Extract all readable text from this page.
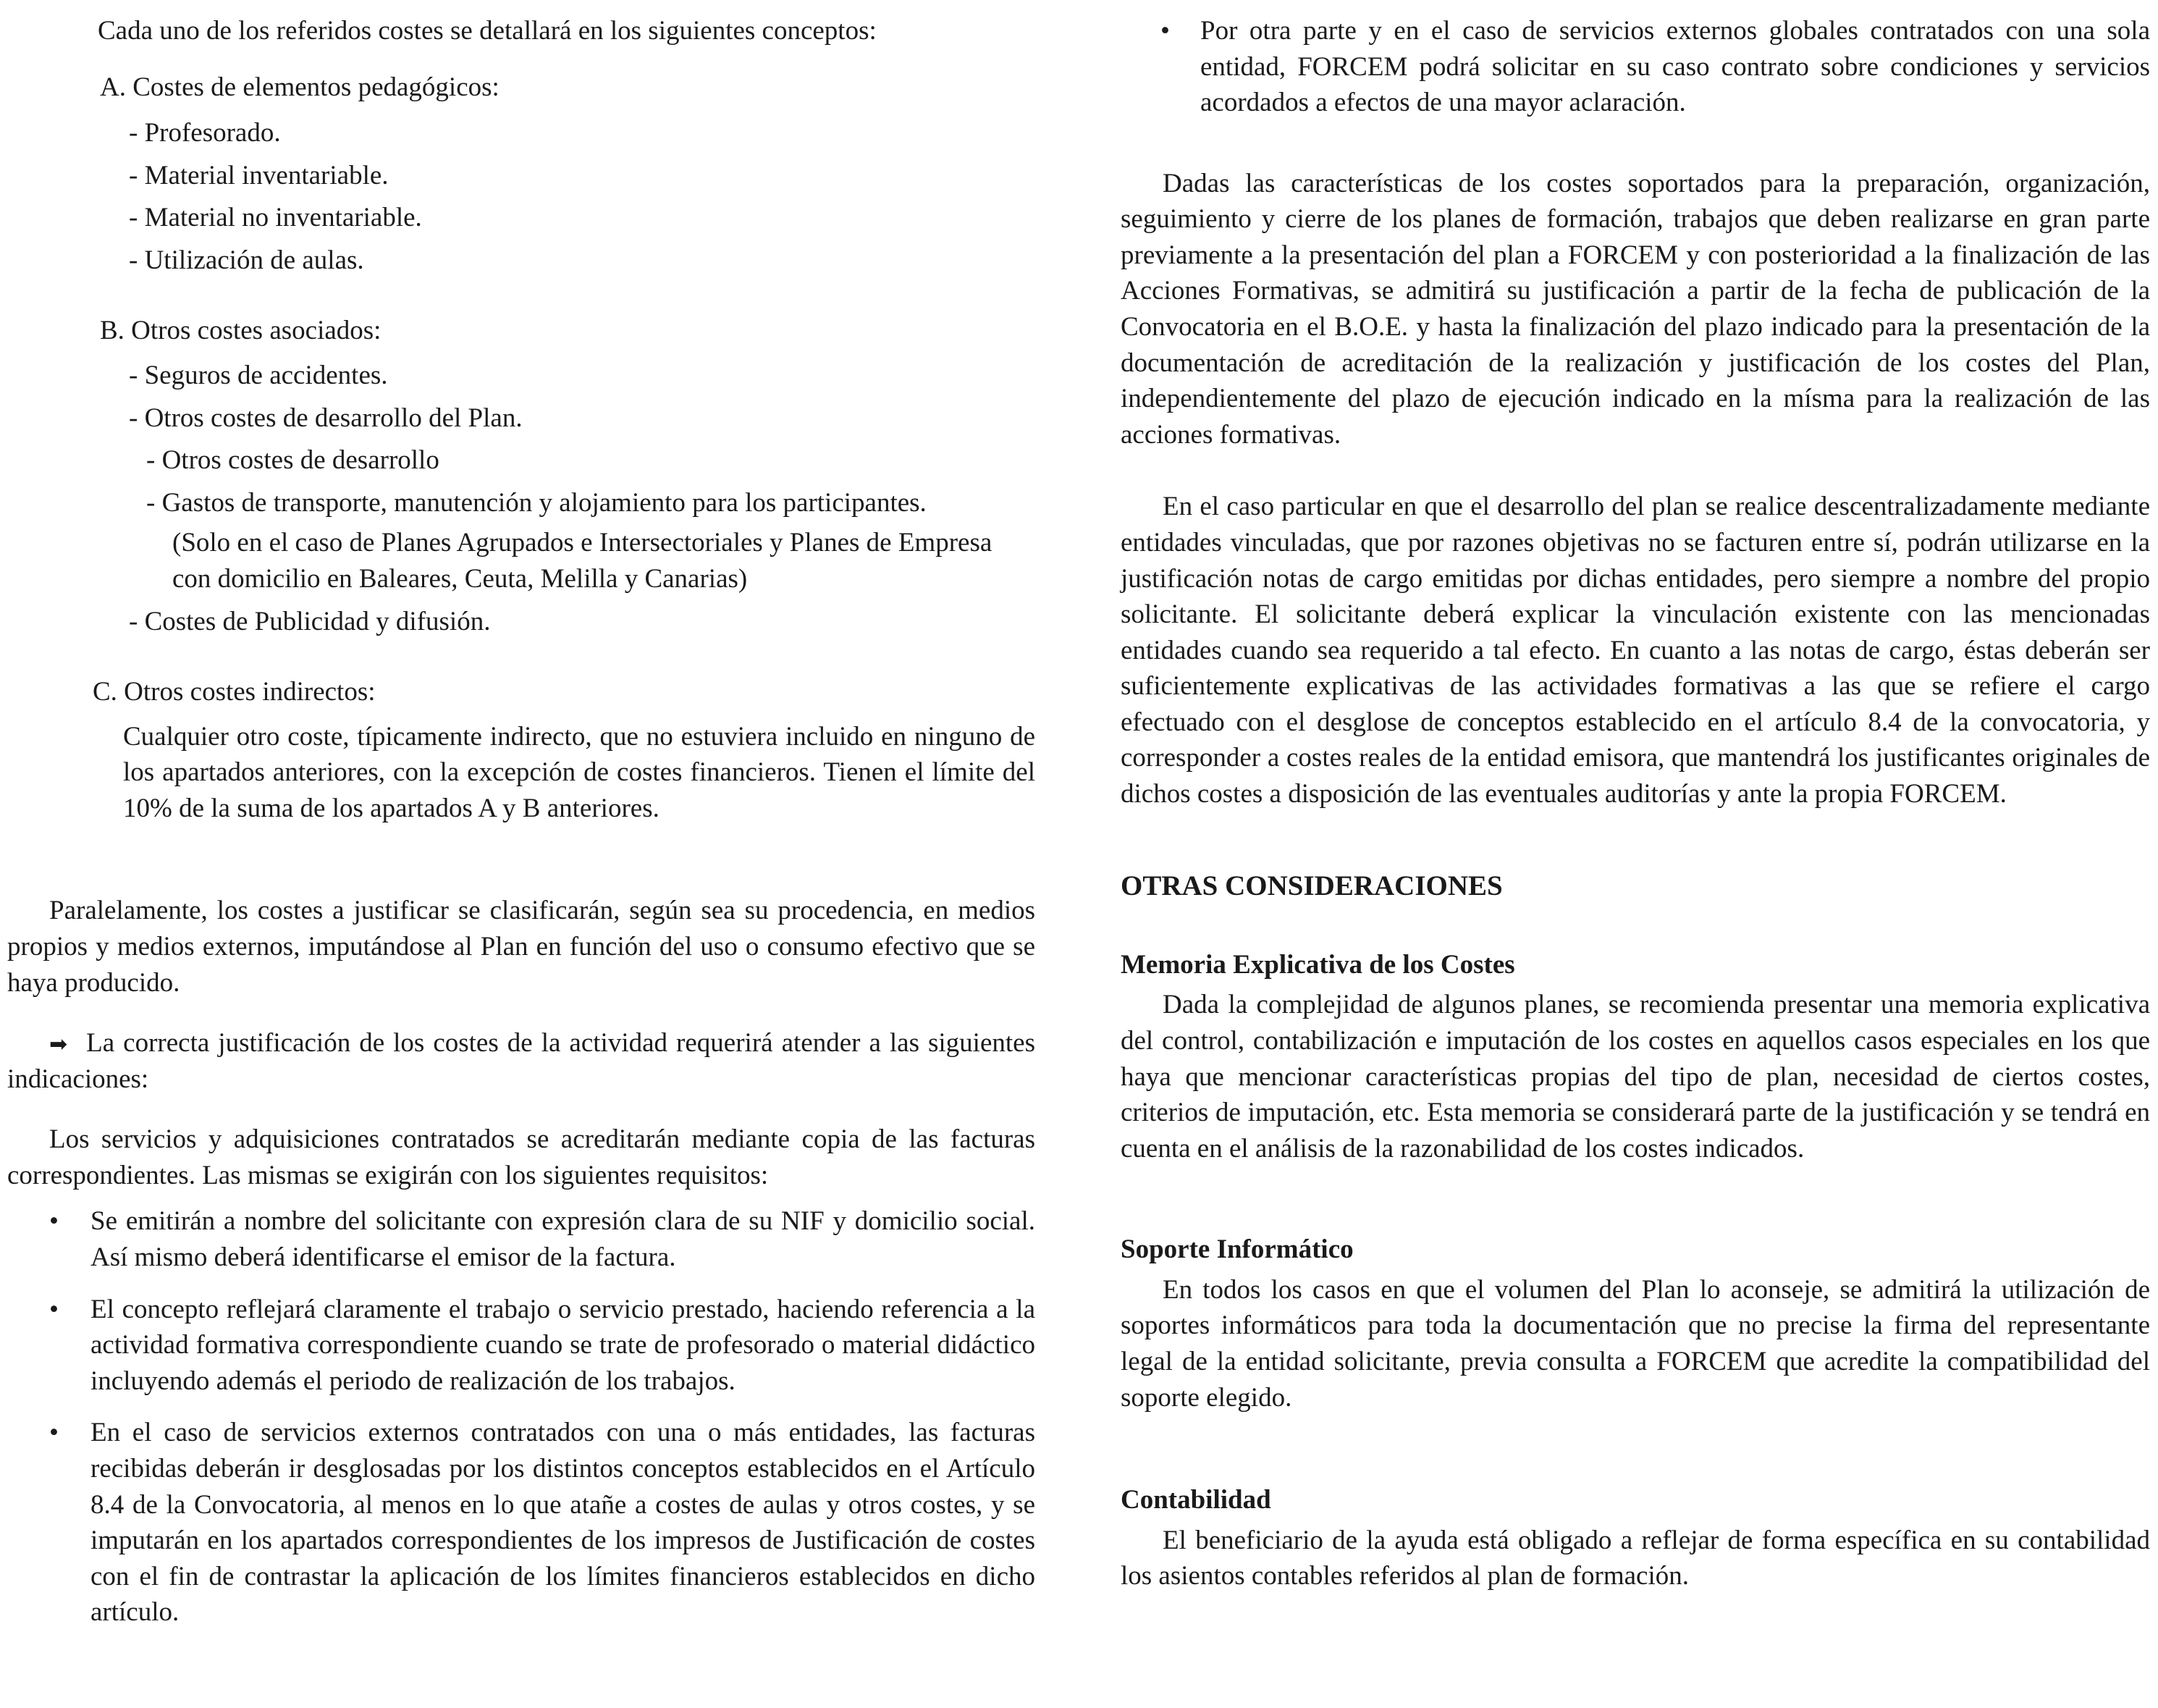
Cada uno de los referidos costes se detallará en los siguientes conceptos:

A. Costes de elementos pedagógicos:

- Profesorado.
- Material inventariable.
- Material no inventariable.
- Utilización de aulas.

B. Otros costes asociados:

- Seguros de accidentes.
- Otros costes de desarrollo del Plan.
- Otros costes de desarrollo
- Gastos de transporte, manutención y alojamiento para los participantes.
(Solo en el caso de Planes Agrupados e Intersectoriales y Planes de Empresa con domicilio en Baleares, Ceuta, Melilla y Canarias)
- Costes de Publicidad y difusión.

C. Otros costes indirectos:

Cualquier otro coste, típicamente indirecto, que no estuviera incluido en ninguno de los apartados anteriores, con la excepción de costes financieros. Tienen el límite del 10% de la suma de los apartados A y B anteriores.

Paralelamente, los costes a justificar se clasificarán, según sea su procedencia, en medios propios y medios externos, imputándose al Plan en función del uso o consumo efectivo que se haya producido.

➡ La correcta justificación de los costes de la actividad requerirá atender a las siguientes indicaciones:

Los servicios y adquisiciones contratados se acreditarán mediante copia de las facturas correspondientes. Las mismas se exigirán con los siguientes requisitos:

• Se emitirán a nombre del solicitante con expresión clara de su NIF y domicilio social. Así mismo deberá identificarse el emisor de la factura.
• El concepto reflejará claramente el trabajo o servicio prestado, haciendo referencia a la actividad formativa correspondiente cuando se trate de profesorado o material didáctico incluyendo además el periodo de realización de los trabajos.
• En el caso de servicios externos contratados con una o más entidades, las facturas recibidas deberán ir desglosadas por los distintos conceptos establecidos en el Artículo 8.4 de la Convocatoria, al menos en lo que atañe a costes de aulas y otros costes, y se imputarán en los apartados correspondientes de los impresos de Justificación de costes con el fin de contrastar la aplicación de los límites financieros establecidos en dicho artículo.
• Por otra parte y en el caso de servicios externos globales contratados con una sola entidad, FORCEM podrá solicitar en su caso contrato sobre condiciones y servicios acordados a efectos de una mayor aclaración.

Dadas las características de los costes soportados para la preparación, organización, seguimiento y cierre de los planes de formación, trabajos que deben realizarse en gran parte previamente a la presentación del plan a FORCEM y con posterioridad a la finalización de las Acciones Formativas, se admitirá su justificación a partir de la fecha de publicación de la Convocatoria en el B.O.E. y hasta la finalización del plazo indicado para la presentación de la documentación de acreditación de la realización y justificación de los costes del Plan, independientemente del plazo de ejecución indicado en la mísma para la realización de las acciones formativas.

En el caso particular en que el desarrollo del plan se realice descentralizadamente mediante entidades vinculadas, que por razones objetivas no se facturen entre sí, podrán utilizarse en la justificación notas de cargo emitidas por dichas entidades, pero siempre a nombre del propio solicitante. El solicitante deberá explicar la vinculación existente con las mencionadas entidades cuando sea requerido a tal efecto. En cuanto a las notas de cargo, éstas deberán ser suficientemente explicativas de las actividades formativas a las que se refiere el cargo efectuado con el desglose de conceptos establecido en el artículo 8.4 de la convocatoria, y corresponder a costes reales de la entidad emisora, que mantendrá los justificantes originales de dichos costes a disposición de las eventuales auditorías y ante la propia FORCEM.

OTRAS CONSIDERACIONES
Memoria Explicativa de los Costes

Dada la complejidad de algunos planes, se recomienda presentar una memoria explicativa del control, contabilización e imputación de los costes en aquellos casos especiales en los que haya que mencionar características propias del tipo de plan, necesidad de ciertos costes, criterios de imputación, etc. Esta memoria se considerará parte de la justificación y se tendrá en cuenta en el análisis de la razonabilidad de los costes indicados.

Soporte Informático

En todos los casos en que el volumen del Plan lo aconseje, se admitirá la utilización de soportes informáticos para toda la documentación que no precise la firma del representante legal de la entidad solicitante, previa consulta a FORCEM que acredite la compatibilidad del soporte elegido.

Contabilidad

El beneficiario de la ayuda está obligado a reflejar de forma específica en su contabilidad los asientos contables referidos al plan de formación.
